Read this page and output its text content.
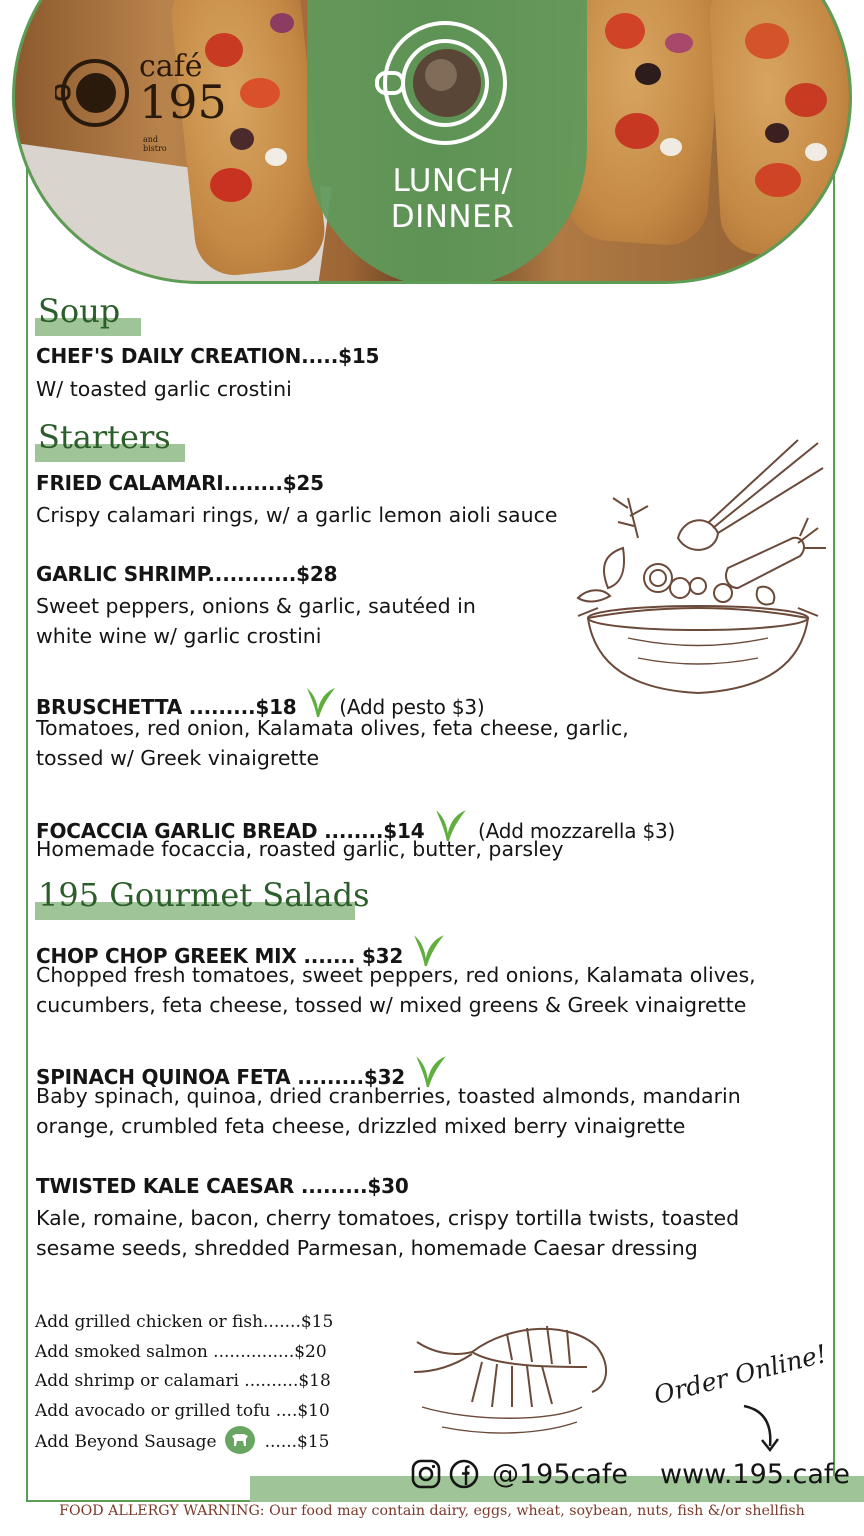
LUNCH/
DINNER
café
195
and bistro
Soup
CHEF'S DAILY CREATION.....$15
W/ toasted garlic crostini
Starters
FRIED CALAMARI........$25
Crispy calamari rings, w/ a garlic lemon aioli sauce
GARLIC SHRIMP............$28
Sweet peppers, onions & garlic, sautéed in
white wine w/ garlic crostini
BRUSCHETTA .........$18 (Add pesto $3)
Tomatoes, red onion, Kalamata olives, feta cheese, garlic,
tossed w/ Greek vinaigrette
FOCACCIA GARLIC BREAD ........$14	(Add mozzarella $3)
Homemade focaccia, roasted garlic, butter, parsley
195 Gourmet Salads
CHOP CHOP GREEK MIX ....... $32
Chopped fresh tomatoes, sweet peppers, red onions, Kalamata olives,
cucumbers, feta cheese, tossed w/ mixed greens & Greek vinaigrette
SPINACH QUINOA FETA .........$32
Baby spinach, quinoa, dried cranberries, toasted almonds, mandarin
orange, crumbled feta cheese, drizzled mixed berry vinaigrette
TWISTED KALE CAESAR .........$30
Kale, romaine, bacon, cherry tomatoes, crispy tortilla twists, toasted
sesame seeds, shredded Parmesan, homemade Caesar dressing
Add grilled chicken or fish.......$15
Add smoked salmon ...............$20
Add shrimp or calamari ..........$18
Add avocado or grilled tofu ....$10
Add Beyond Sausage	......$15
Order Online!
@195cafe www.195.cafe
FOOD ALLERGY WARNING: Our food may contain dairy, eggs, wheat, soybean, nuts, fish &/or shellfish
